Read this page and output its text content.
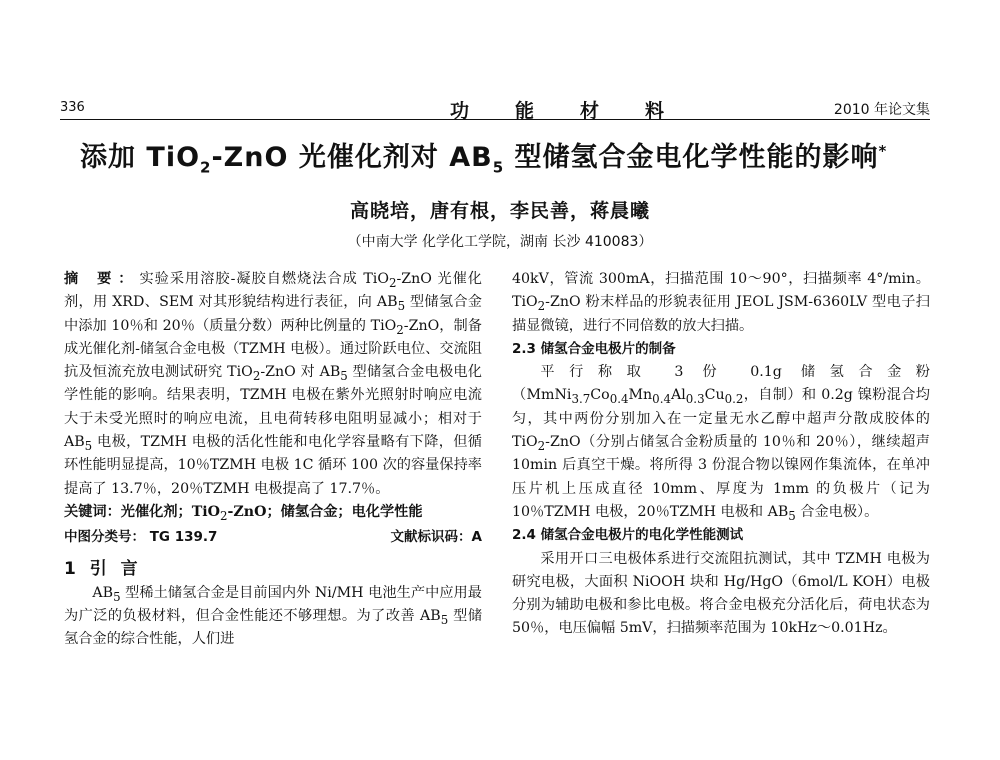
336	功能材料	2010 年论文集
添加 TiO$_2$-ZnO 光催化剂对 $AB_5$ 型储氢合金电化学性能的影响*
高晓培，唐有根，李民善，蒋晨曦
（中南大学 化学化工学院，湖南 长沙 410083）

摘 要：实验采用溶胶-凝胶自燃烧法合成 TiO$_2$-ZnO 光催化剂，用 XRD、SEM 对其形貌结构进行表征，向 $AB_5$ 型储氢合金中添加 10％和 20％（质量分数）两种比例量的 TiO$_2$-ZnO，制备成光催化剂-储氢合金电极（TZMH 电极）。通过阶跃电位、交流阻抗及恒流充放电测试研究 TiO$_2$-ZnO 对 $AB_5$ 型储氢合金电极电化学性能的影响。结果表明，TZMH 电极在紫外光照射时响应电流大于未受光照时的响应电流，且电荷转移电阻明显减小；相对于 $AB_5$ 电极，TZMH 电极的活化性能和电化学容量略有下降，但循环性能明显提高，10％TZMH 电极 1C 循环 100 次的容量保持率提高了 13.7％，20％TZMH 电极提高了 17.7％。

关键词：光催化剂；TiO$_2$-ZnO；储氢合金；电化学性能

中图分类号： TG 139.7	文献标识码：A
1 引 言

$AB_5$ 型稀土储氢合金是目前国内外 Ni/MH 电池生产中应用最为广泛的负极材料，但合金性能还不够理想。为了改善 $AB_5$ 型储氢合金的综合性能，人们进

40kV，管流 300mA，扫描范围 10～90°，扫描频率 4°/min。TiO$_2$-ZnO 粉末样品的形貌表征用 JEOL JSM-6360LV 型电子扫描显微镜，进行不同倍数的放大扫描。

2.3 储氢合金电极片的制备

平行称取 3 份 0.1g 储氢合金粉（$MmNi_{3.7}Co_{0.4}Mn_{0.4}Al_{0.3}Cu_{0.2}$，自制）和 0.2g 镍粉混合均匀，其中两份分别加入在一定量无水乙醇中超声分散成胶体的 TiO$_2$-ZnO（分别占储氢合金粉质量的 10％和 20％），继续超声 10min 后真空干燥。将所得 3 份混合物以镍网作集流体，在单冲压片机上压成直径 10mm、厚度为 1mm 的负极片（记为 10％TZMH 电极，20％TZMH 电极和 $AB_5$ 合金电极）。

2.4 储氢合金电极片的电化学性能测试

采用开口三电极体系进行交流阻抗测试，其中 TZMH 电极为研究电极，大面积 NiOOH 块和 Hg/HgO（6mol/L KOH）电极分别为辅助电极和参比电极。将合金电极充分活化后，荷电状态为 50％，电压偏幅 5mV，扫描频率范围为 10kHz～0.01Hz。
